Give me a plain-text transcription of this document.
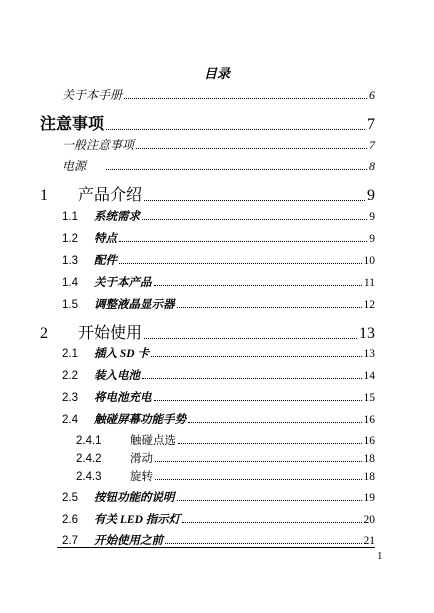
目录
关于本手册	6
注意事项	7
一般注意事项	7
电源	8
1	产品介绍	9
1.1	系统需求	9
1.2	特点	9
1.3	配件	10
1.4	关于本产品	11
1.5	调整液晶显示器	12
2	开始使用	13
2.1	插入 SD 卡	13
2.2	装入电池	14
2.3	将电池充电	15
2.4	触碰屏幕功能手势	16
2.4.1	触碰点选	16
2.4.2	滑动	18
2.4.3	旋转	18
2.5	按钮功能的说明	19
2.6	有关 LED 指示灯	20
2.7	开始使用之前	21
1
